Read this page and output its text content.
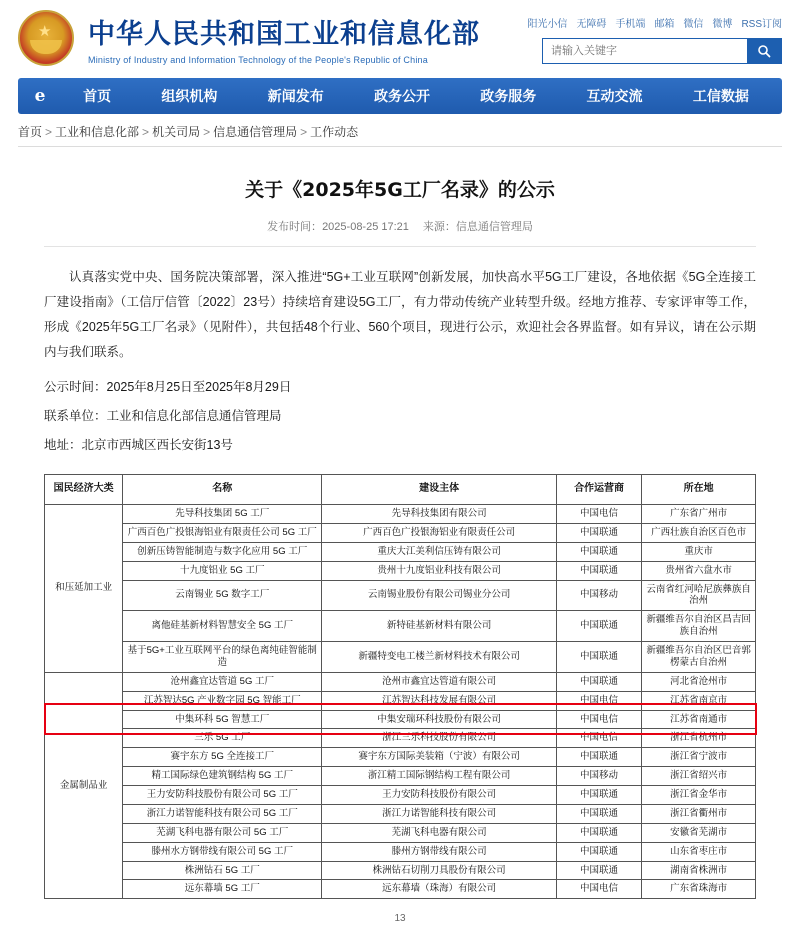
★ 中华人民共和国工业和信息化部
Ministry of Industry and Information Technology of the People's Republic of China
阳光小信 无障碍 手机端 邮箱 微信 微博 RSS订阅
请输入关键字
e	首页	组织机构	新闻发布	政务公开	政务服务	互动交流	工信数据
首页 > 工业和信息化部 > 机关司局 > 信息通信管理局 > 工作动态
关于《2025年5G工厂名录》的公示
发布时间：2025-08-25 17:21 来源：信息通信管理局
认真落实党中央、国务院决策部署，深入推进“5G+工业互联网”创新发展，加快高水平5G工厂建设，各地依据《5G全连接工厂建设指南》（工信厅信管〔2022〕23号）持续培育建设5G工厂，有力带动传统产业转型升级。经地方推荐、专家评审等工作，形成《2025年5G工厂名录》（见附件），共包括48个行业、560个项目，现进行公示，欢迎社会各界监督。如有异议，请在公示期内与我们联系。
公示时间：2025年8月25日至2025年8月29日
联系单位：工业和信息化部信息通信管理局
地址：北京市西城区西长安街13号
国民经济大类	名称	建设主体	合作运营商	所在地
和压延加工业	先导科技集团 5G 工厂	先导科技集团有限公司	中国电信	广东省广州市
	广西百色广投银海铝业有限责任公司 5G 工厂	广西百色广投银海铝业有限责任公司	中国联通	广西壮族自治区百色市
	创新压铸智能制造与数字化应用 5G 工厂	重庆大江美利信压铸有限公司	中国联通	重庆市
	十九度铝业 5G 工厂	贵州十九度铝业科技有限公司	中国联通	贵州省六盘水市
	云南锡业 5G 数字工厂	云南锡业股份有限公司锡业分公司	中国移动	云南省红河哈尼族彝族自治州
	离他硅基新材料智慧安全 5G 工厂	新特硅基新材料有限公司	中国联通	新疆维吾尔自治区昌吉回族自治州
	基于5G+工业互联网平台的绿色离纯硅智能制造	新疆特变电工楼兰新材料技术有限公司	中国联通	新疆维吾尔自治区巴音郭楞蒙古自治州
金属制品业	沧州鑫宜达管道 5G 工厂	沧州市鑫宜达管道有限公司	中国联通	河北省沧州市
	江苏智达5G 产业数字园 5G 智能工厂	江苏智达科技发展有限公司	中国电信	江苏省南京市
	中集环科 5G 智慧工厂	中集安瑞环科技股份有限公司	中国电信	江苏省南通市
	三乐 5G 工厂	浙江三乐科技股份有限公司	中国电信	浙江省杭州市
	赛宇东方 5G 全连接工厂	赛宇东方国际美装箱（宁波）有限公司	中国联通	浙江省宁波市
	精工国际绿色建筑钢结构 5G 工厂	浙江精工国际钢结构工程有限公司	中国移动	浙江省绍兴市
	王力安防科技股份有限公司 5G 工厂	王力安防科技股份有限公司	中国联通	浙江省金华市
	浙江力诺智能科技有限公司 5G 工厂	浙江力诺智能科技有限公司	中国联通	浙江省衢州市
	芜湖飞科电器有限公司 5G 工厂	芜湖飞科电器有限公司	中国联通	安徽省芜湖市
	滕州水方钢带线有限公司 5G 工厂	滕州方钢带线有限公司	中国联通	山东省枣庄市
	株洲钻石 5G 工厂	株洲钻石切削刀具股份有限公司	中国联通	湖南省株洲市
	远东幕墙 5G 工厂	远东幕墙（珠海）有限公司	中国电信	广东省珠海市
13
